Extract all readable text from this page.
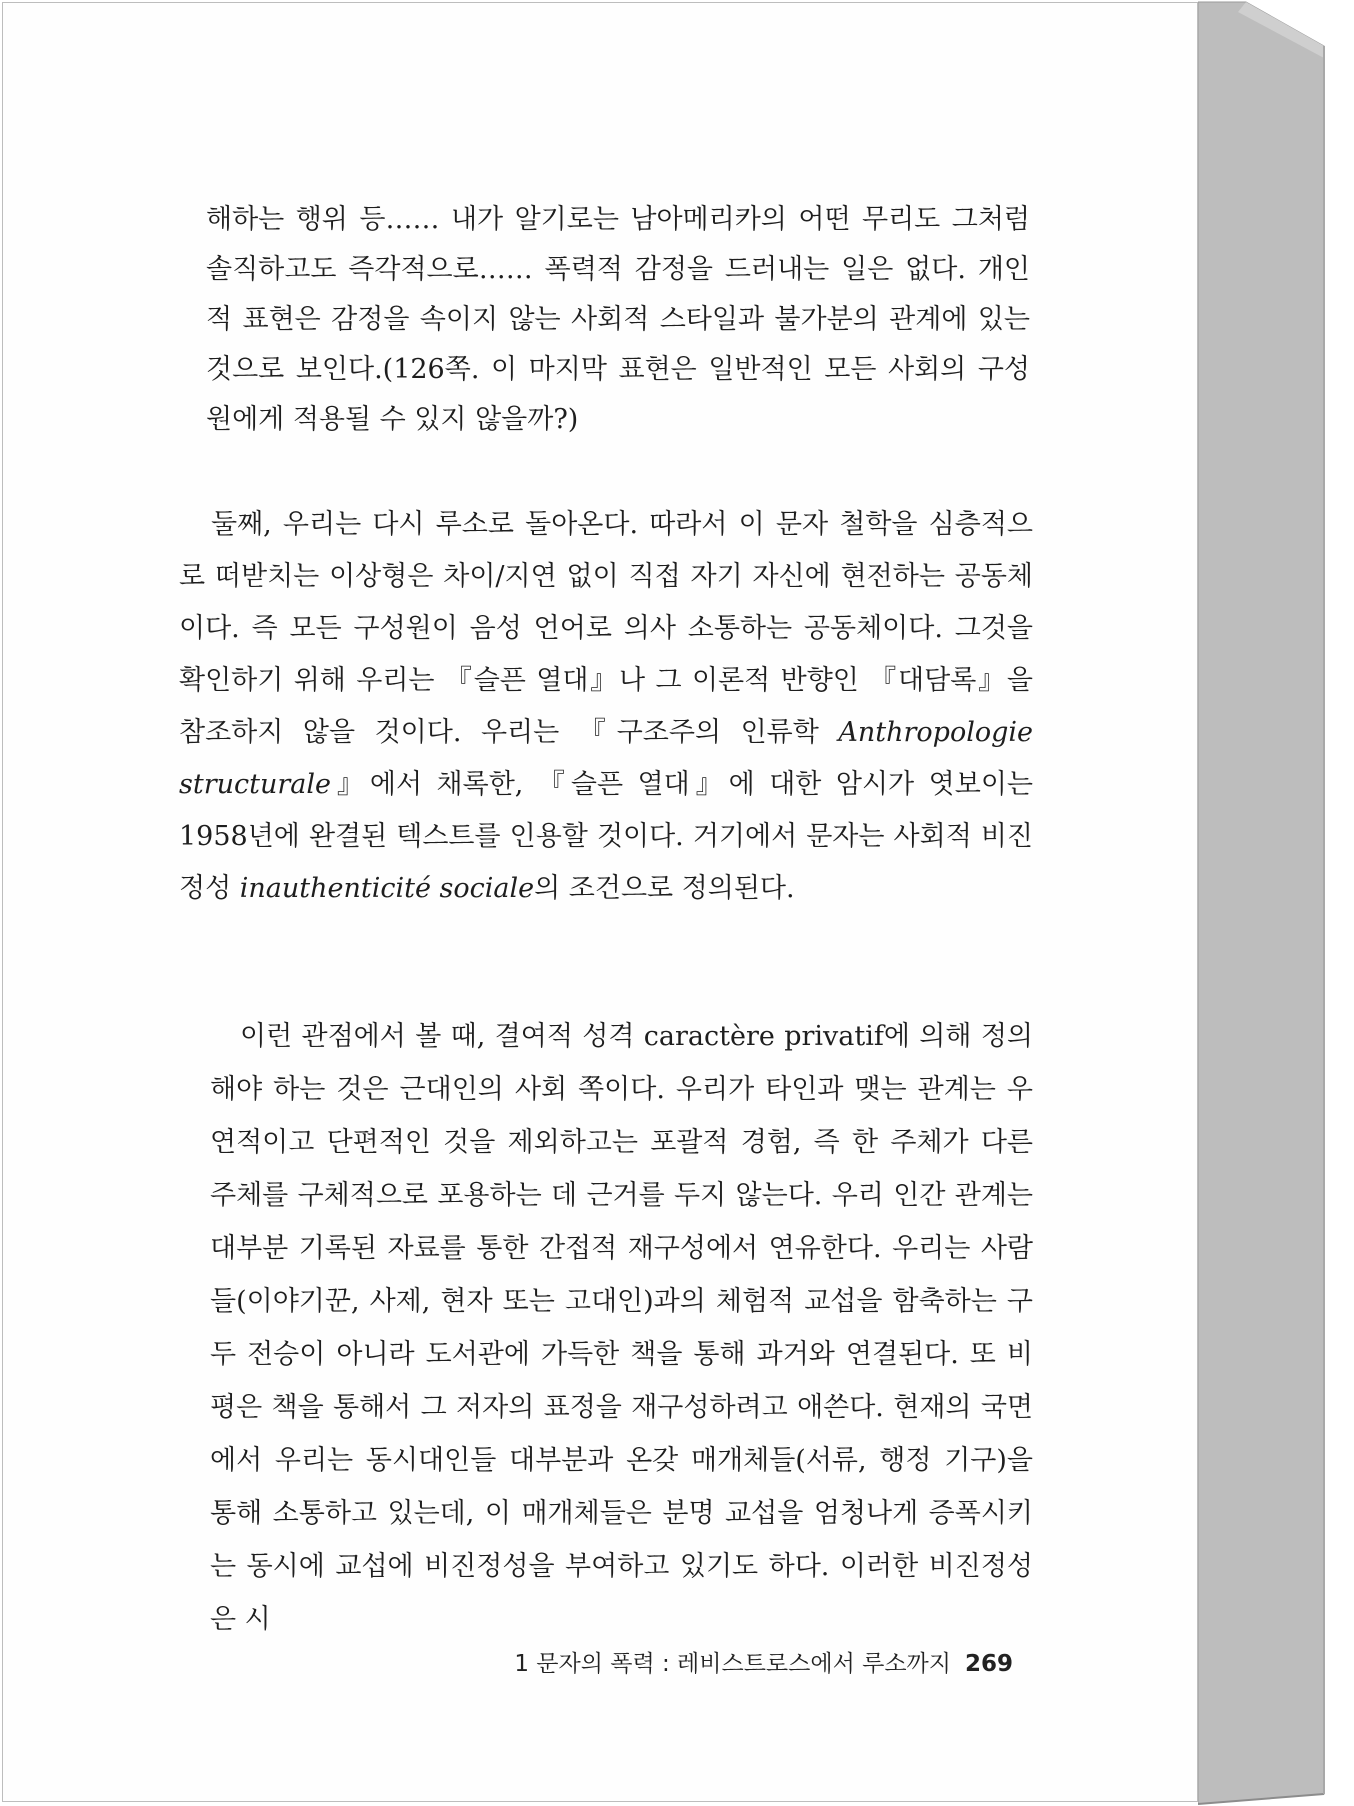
해하는 행위 등…… 내가 알기로는 남아메리카의 어떤 무리도 그처럼 솔직하고도 즉각적으로…… 폭력적 감정을 드러내는 일은 없다. 개인적 표현은 감정을 속이지 않는 사회적 스타일과 불가분의 관계에 있는 것으로 보인다.(126쪽. 이 마지막 표현은 일반적인 모든 사회의 구성원에게 적용될 수 있지 않을까?)

둘째, 우리는 다시 루소로 돌아온다. 따라서 이 문자 철학을 심층적으로 떠받치는 이상형은 차이/지연 없이 직접 자기 자신에 현전하는 공동체이다. 즉 모든 구성원이 음성 언어로 의사 소통하는 공동체이다. 그것을 확인하기 위해 우리는 『슬픈 열대』나 그 이론적 반향인 『대담록』을 참조하지 않을 것이다. 우리는 『구조주의 인류학 Anthropologie structurale』에서 채록한, 『슬픈 열대』에 대한 암시가 엿보이는 1958년에 완결된 텍스트를 인용할 것이다. 거기에서 문자는 사회적 비진정성 inauthenticité sociale의 조건으로 정의된다.

이런 관점에서 볼 때, 결여적 성격 caractère privatif에 의해 정의해야 하는 것은 근대인의 사회 쪽이다. 우리가 타인과 맺는 관계는 우연적이고 단편적인 것을 제외하고는 포괄적 경험, 즉 한 주체가 다른 주체를 구체적으로 포용하는 데 근거를 두지 않는다. 우리 인간 관계는 대부분 기록된 자료를 통한 간접적 재구성에서 연유한다. 우리는 사람들(이야기꾼, 사제, 현자 또는 고대인)과의 체험적 교섭을 함축하는 구두 전승이 아니라 도서관에 가득한 책을 통해 과거와 연결된다. 또 비평은 책을 통해서 그 저자의 표정을 재구성하려고 애쓴다. 현재의 국면에서 우리는 동시대인들 대부분과 온갖 매개체들(서류, 행정 기구)을 통해 소통하고 있는데, 이 매개체들은 분명 교섭을 엄청나게 증폭시키는 동시에 교섭에 비진정성을 부여하고 있기도 하다. 이러한 비진정성은 시

1 문자의 폭력 : 레비스트로스에서 루소까지 269
